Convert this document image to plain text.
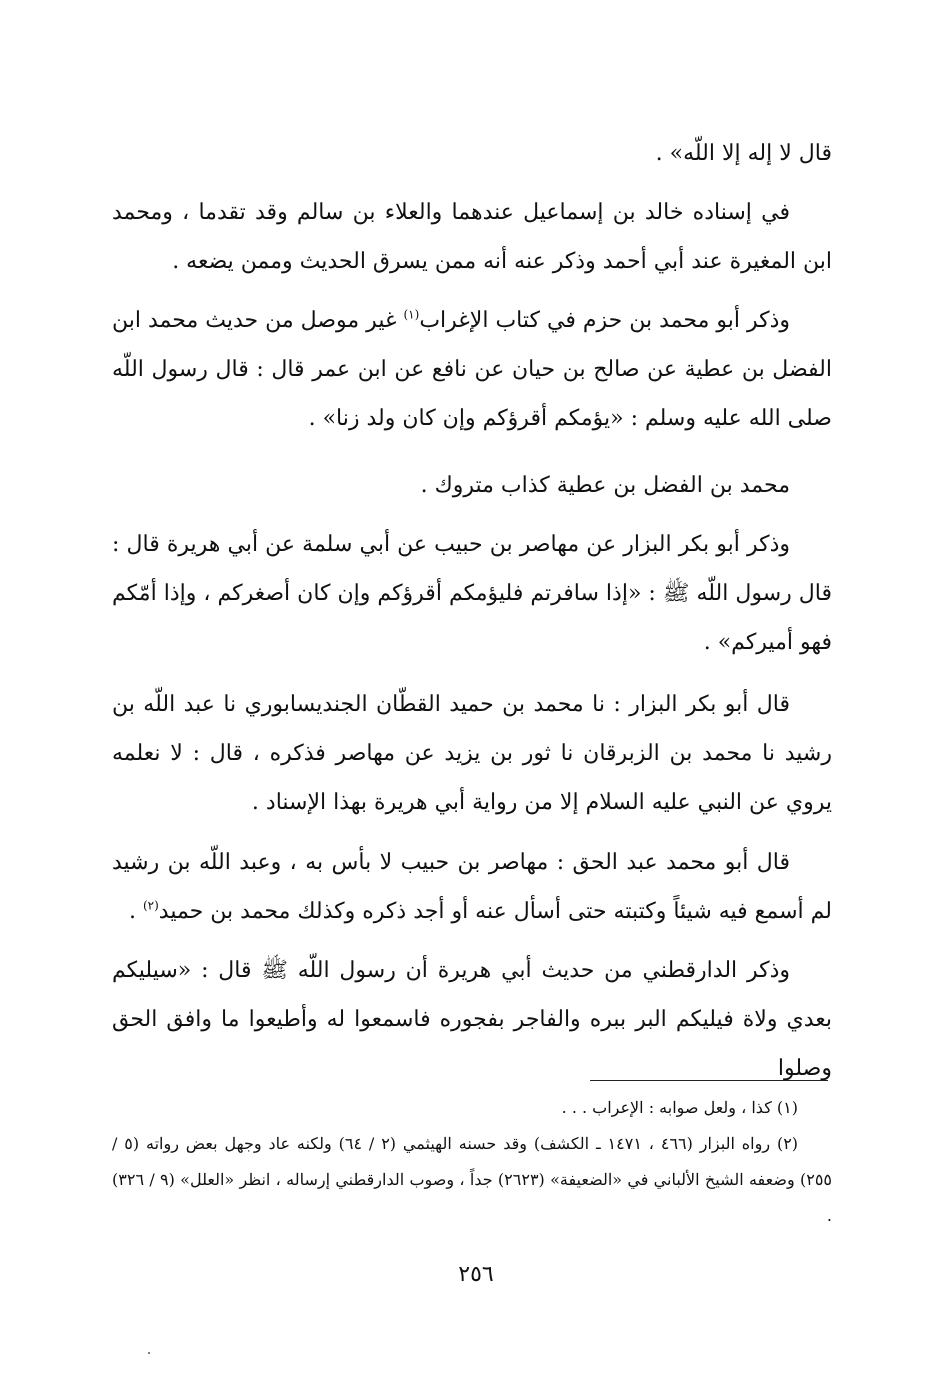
قال لا إله إلا اللّه» .

في إسناده خالد بن إسماعيل عندهما والعلاء بن سالم وقد تقدما ، ومحمد ابن المغيرة عند أبي أحمد وذكر عنه أنه ممن يسرق الحديث وممن يضعه .

وذكر أبو محمد بن حزم في كتاب الإغراب$^{(١)}$ غير موصل من حديث محمد ابن الفضل بن عطية عن صالح بن حيان عن نافع عن ابن عمر قال : قال رسول اللّه صلى الله عليه وسلم : «يؤمكم أقرؤكم وإن كان ولد زنا» .

محمد بن الفضل بن عطية كذاب متروك .

وذكر أبو بكر البزار عن مهاصر بن حبيب عن أبي سلمة عن أبي هريرة قال : قال رسول اللّه ﷺ : «إذا سافرتم فليؤمكم أقرؤكم وإن كان أصغركم ، وإذا أمّكم فهو أميركم» .

قال أبو بكر البزار : نا محمد بن حميد القطّان الجنديسابوري نا عبد اللّه بن رشيد نا محمد بن الزبرقان نا ثور بن يزيد عن مهاصر فذكره ، قال : لا نعلمه يروي عن النبي عليه السلام إلا من رواية أبي هريرة بهذا الإسناد .

قال أبو محمد عبد الحق : مهاصر بن حبيب لا بأس به ، وعبد اللّه بن رشيد لم أسمع فيه شيئاً وكتبته حتى أسأل عنه أو أجد ذكره وكذلك محمد بن حميد$^{(٢)}$ .

وذكر الدارقطني من حديث أبي هريرة أن رسول اللّه ﷺ قال : «سيليكم بعدي ولاة فيليكم البر ببره والفاجر بفجوره فاسمعوا له وأطيعوا ما وافق الحق وصلوا

(١) كذا ، ولعل صوابه : الإعراب . . .

(٢) رواه البزار (٤٦٦ ، ١٤٧١ ـ الكشف) وقد حسنه الهيثمي (٢ / ٦٤) ولكنه عاد وجهل بعض رواته (٥ / ٢٥٥) وضعفه الشيخ الألباني في «الضعيفة» (٢٦٢٣) جداً ، وصوب الدارقطني إرساله ، انظر «العلل» (٩ / ٣٢٦) .

٢٥٦
